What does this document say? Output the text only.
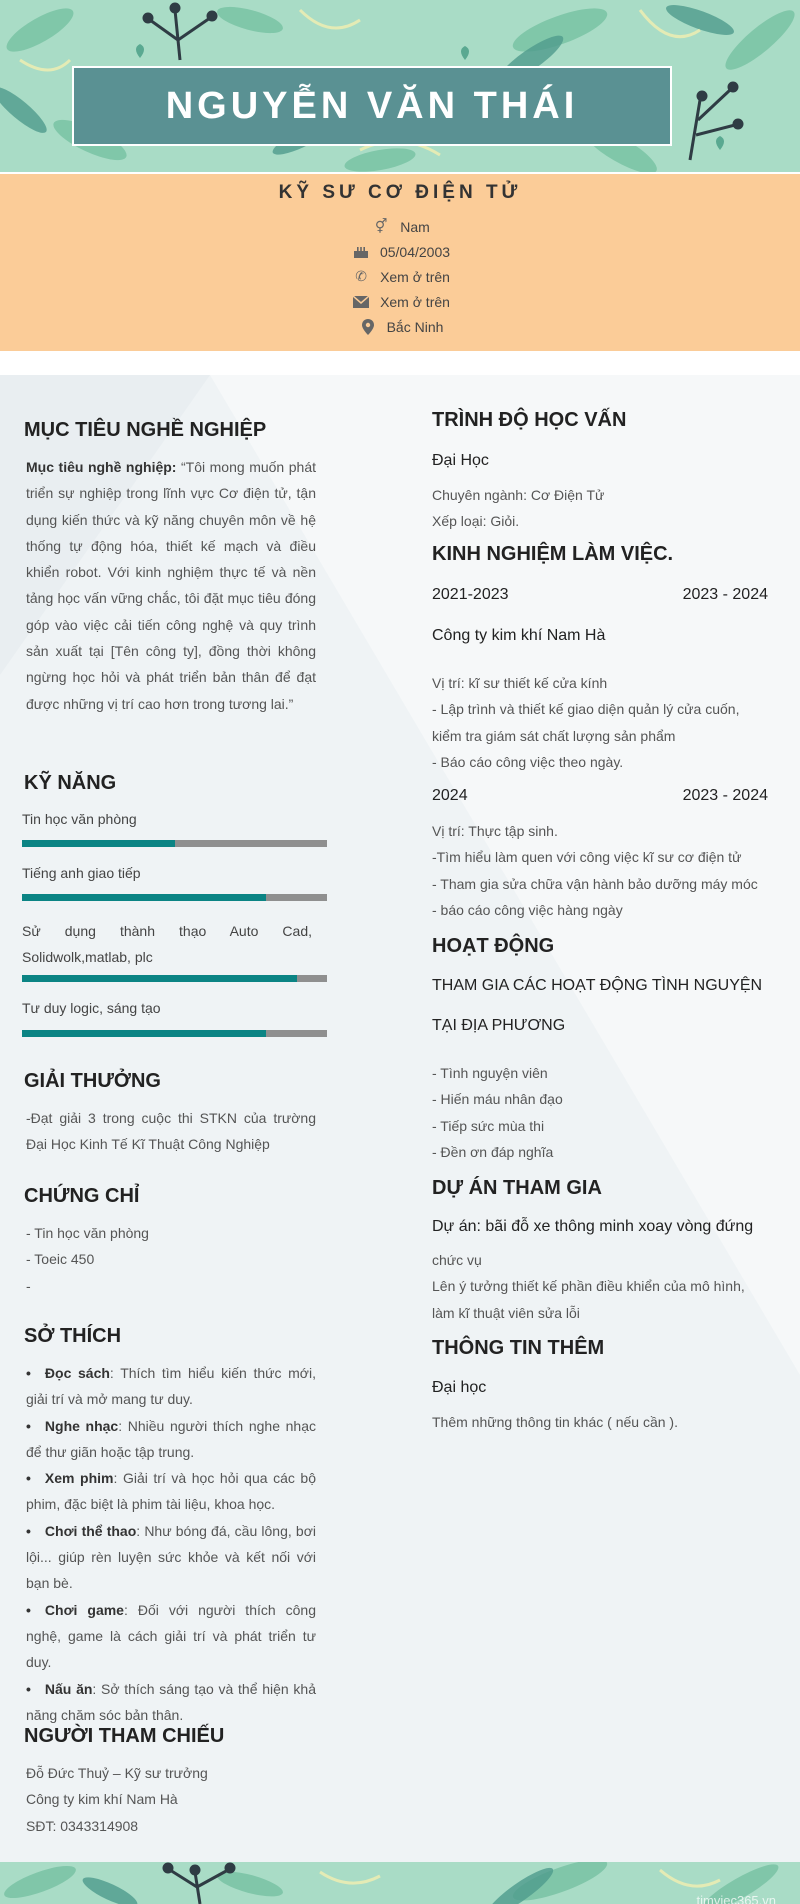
NGUYỄN VĂN THÁI
KỸ SƯ CƠ ĐIỆN TỬ
⚥ Nam
05/04/2003
✆ Xem ở trên
Xem ở trên
Bắc Ninh
MỤC TIÊU NGHỀ NGHIỆP
Mục tiêu nghề nghiệp: “Tôi mong muốn phát triển sự nghiệp trong lĩnh vực Cơ điện tử, tận dụng kiến thức và kỹ năng chuyên môn về hệ thống tự động hóa, thiết kế mạch và điều khiển robot. Với kinh nghiệm thực tế và nền tảng học vấn vững chắc, tôi đặt mục tiêu đóng góp vào việc cải tiến công nghệ và quy trình sản xuất tại [Tên công ty], đồng thời không ngừng học hỏi và phát triển bản thân để đạt được những vị trí cao hơn trong tương lai.”
KỸ NĂNG
Tin học văn phòng
Tiếng anh giao tiếp
Sử dụng thành thạo Auto Cad, Solidwolk,matlab, plc
Tư duy logic, sáng tạo
GIẢI THƯỞNG
-Đạt giải 3 trong cuộc thi STKN của trường Đại Học Kinh Tế Kĩ Thuật Công Nghiệp
CHỨNG CHỈ
- Tin học văn phòng
- Toeic 450
-
SỞ THÍCH
• Đọc sách: Thích tìm hiểu kiến thức mới, giải trí và mở mang tư duy.
• Nghe nhạc: Nhiều người thích nghe nhạc để thư giãn hoặc tập trung.
• Xem phim: Giải trí và học hỏi qua các bộ phim, đặc biệt là phim tài liệu, khoa học.
• Chơi thể thao: Như bóng đá, cầu lông, bơi lội... giúp rèn luyện sức khỏe và kết nối với bạn bè.
• Chơi game: Đối với người thích công nghệ, game là cách giải trí và phát triển tư duy.
• Nấu ăn: Sở thích sáng tạo và thể hiện khả năng chăm sóc bản thân.
NGƯỜI THAM CHIẾU
Đỗ Đức Thuỷ – Kỹ sư trưởng
Công ty kim khí Nam Hà
SĐT: 0343314908
TRÌNH ĐỘ HỌC VẤN
Đại Học
Chuyên ngành: Cơ Điện Tử
Xếp loại: Giỏi.
KINH NGHIỆM LÀM VIỆC.
2021-2023	2023 - 2024
Công ty kim khí Nam Hà
Vị trí: kĩ sư thiết kế cửa kính
- Lập trình và thiết kế giao diện quản lý cửa cuốn, kiểm tra giám sát chất lượng sản phẩm
- Báo cáo công việc theo ngày.
2024	2023 - 2024
Vị trí: Thực tập sinh.
-Tìm hiểu làm quen với công việc kĩ sư cơ điện tử
- Tham gia sửa chữa vận hành bảo dưỡng máy móc
- báo cáo công việc hàng ngày
HOẠT ĐỘNG
THAM GIA CÁC HOẠT ĐỘNG TÌNH NGUYỆN
TẠI ĐỊA PHƯƠNG
- Tình nguyện viên
- Hiến máu nhân đạo
- Tiếp sức mùa thi
- Đền ơn đáp nghĩa
DỰ ÁN THAM GIA
Dự án: bãi đỗ xe thông minh xoay vòng đứng
chức vụ
Lên ý tưởng thiết kế phần điều khiển của mô hình, làm kĩ thuật viên sửa lỗi
THÔNG TIN THÊM
Đại học
Thêm những thông tin khác ( nếu cần ).
timviec365.vn
